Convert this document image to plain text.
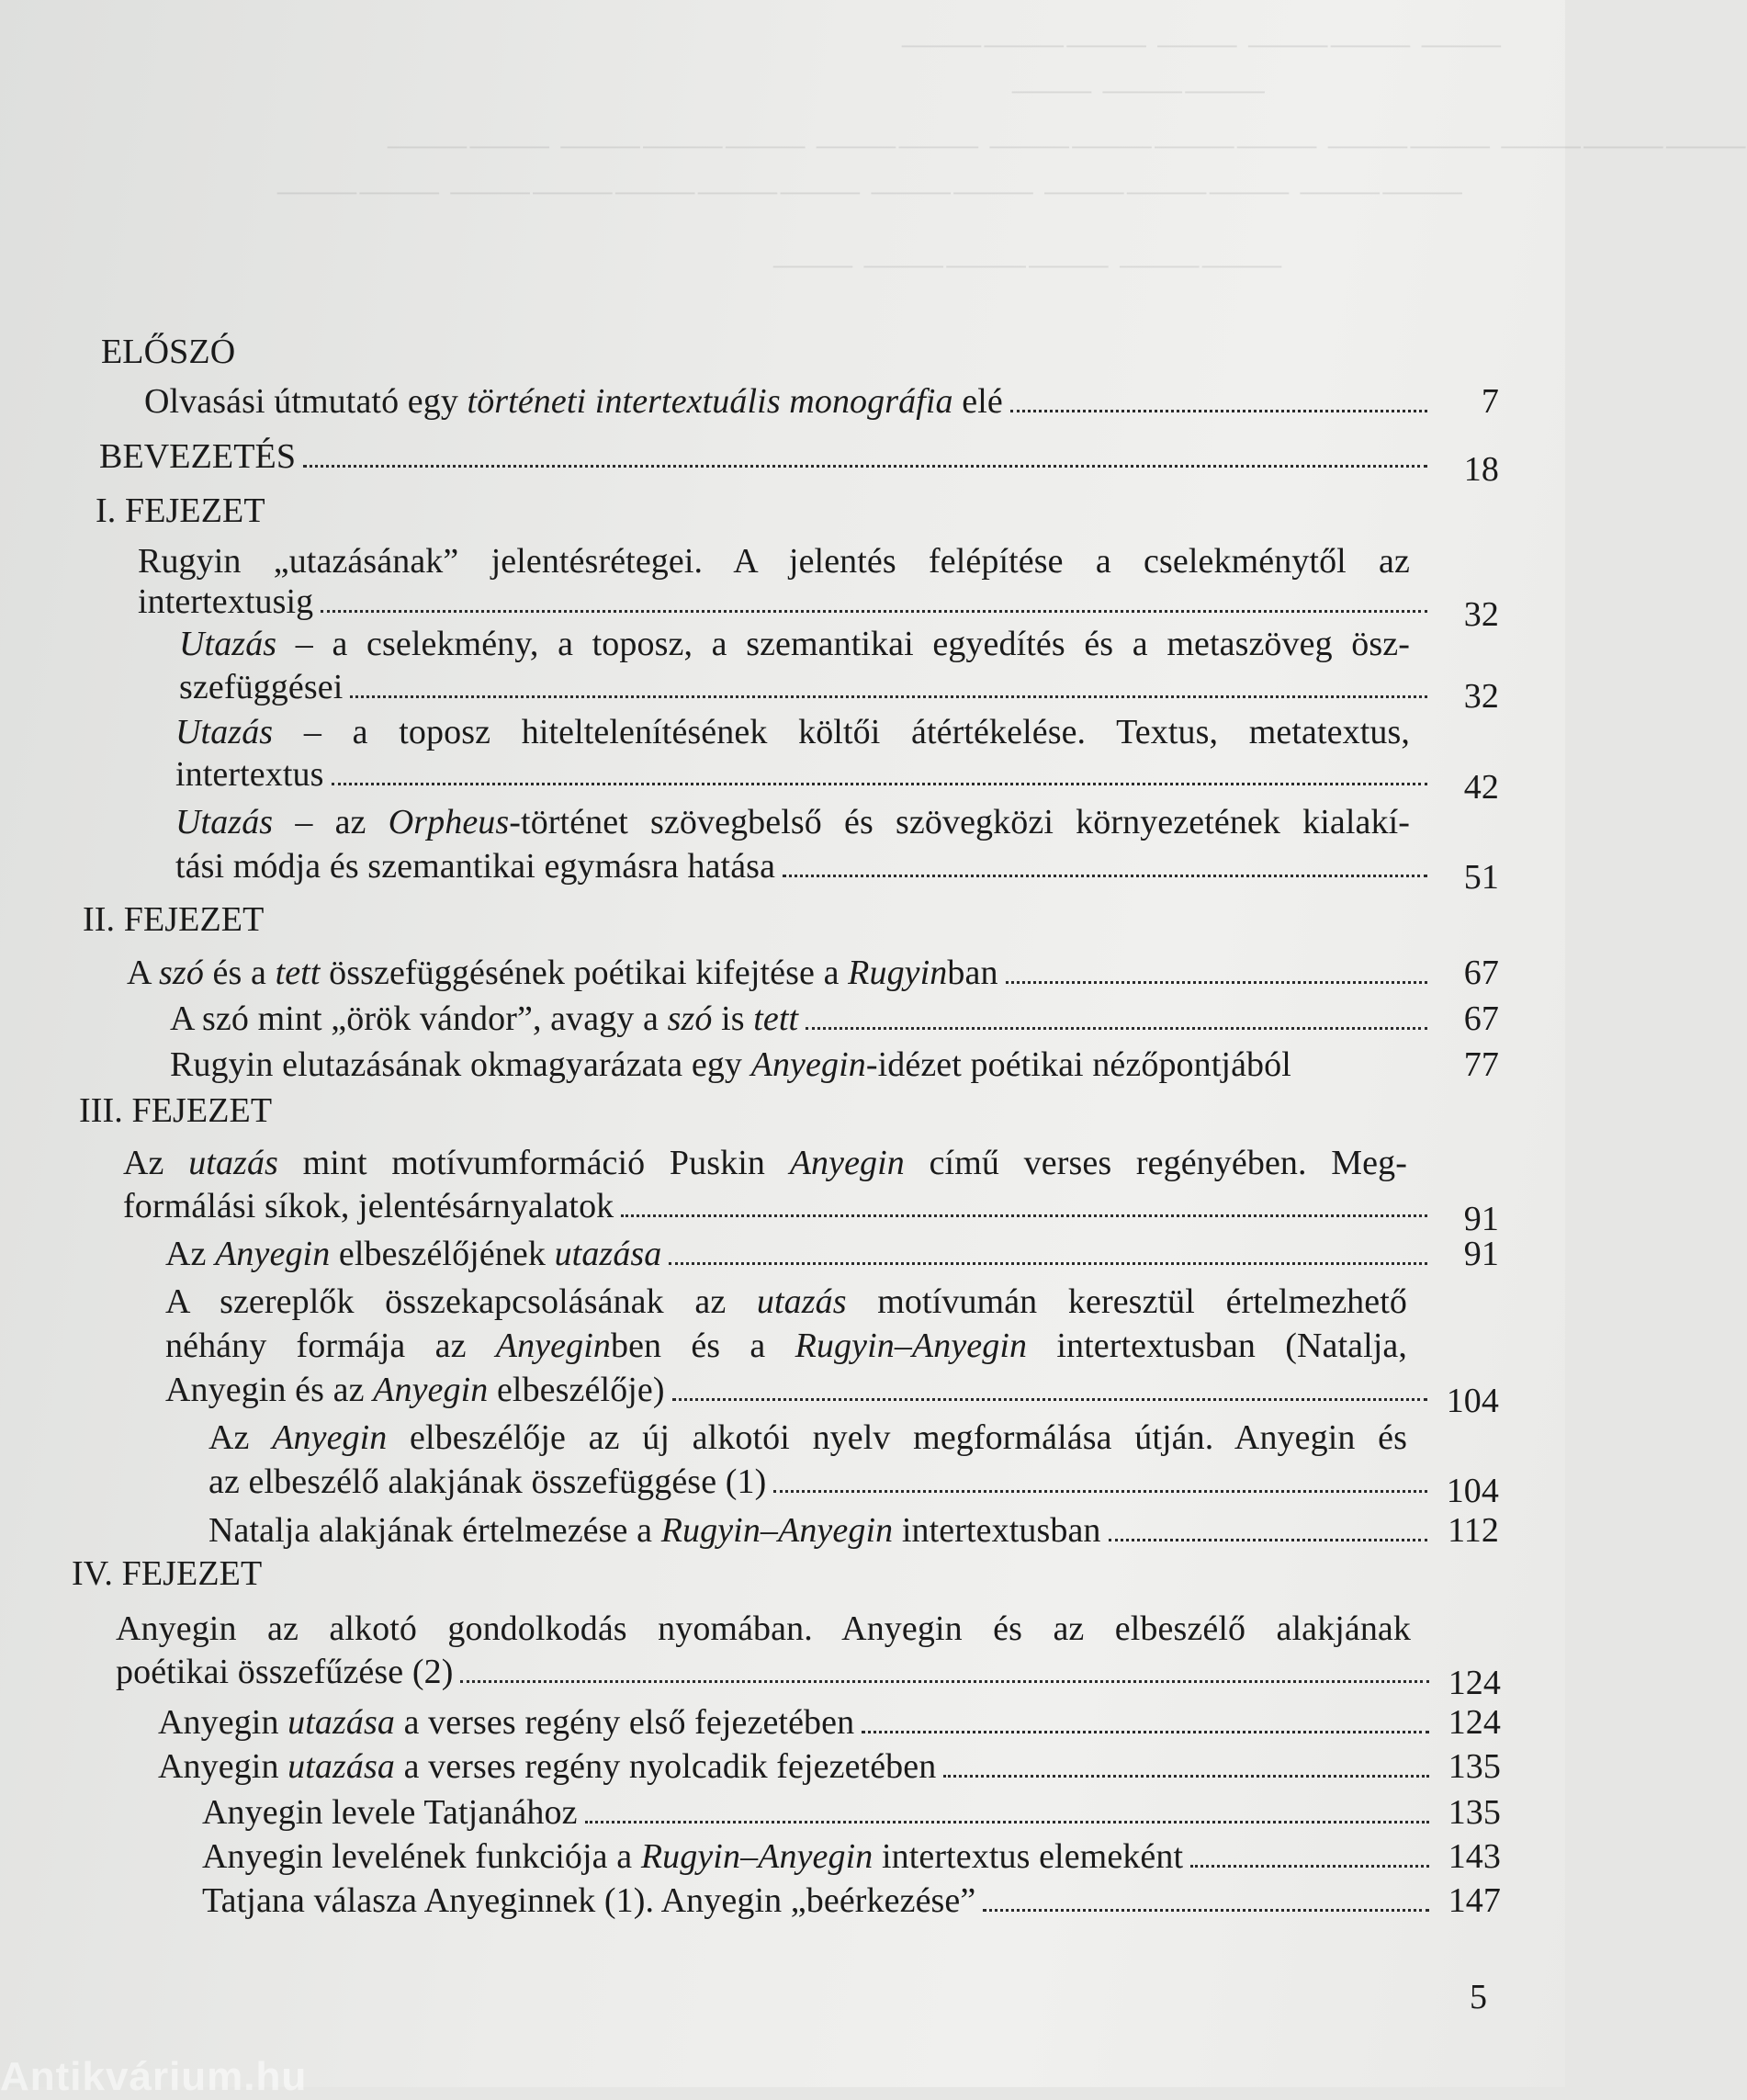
⸻ ⸻⸻ ⸻ ⸻⸻⸻
⸻⸻ ⸻
⸻⸻⸻ ⸻⸻ ⸻⸻⸻⸻ ⸻⸻ ⸻⸻⸻ ⸻⸻
⸻⸻ ⸻⸻⸻ ⸻⸻ ⸻⸻⸻⸻⸻ ⸻⸻
⸻⸻ ⸻⸻⸻ ⸻
ELŐSZÓ
Olvasási útmutató egy történeti intertextuális monográfia elé	7
BEVEZETÉS	18
I. FEJEZET
Rugyin „utazásának” jelentésrétegei. A jelentés felépítése a cselekménytől az
intertextusig	32
Utazás – a cselekmény, a toposz, a szemantikai egyedítés és a metaszöveg ösz-
szefüggései	32
Utazás – a toposz hiteltelenítésének költői átértékelése. Textus, metatextus,
intertextus	42
Utazás – az Orpheus-történet szövegbelső és szövegközi környezetének kialakí-
tási módja és szemantikai egymásra hatása	51
II. FEJEZET
A szó és a tett összefüggésének poétikai kifejtése a Rugyinban	67
A szó mint „örök vándor”, avagy a szó is tett	67
Rugyin elutazásának okmagyarázata egy Anyegin-idézet poétikai nézőpontjából	77
III. FEJEZET
Az utazás mint motívumformáció Puskin Anyegin című verses regényében. Meg-
formálási síkok, jelentésárnyalatok	91
Az Anyegin elbeszélőjének utazása	91
A szereplők összekapcsolásának az utazás motívumán keresztül értelmezhető
néhány formája az Anyeginben és a Rugyin–Anyegin intertextusban (Natalja,
Anyegin és az Anyegin elbeszélője)	104
Az Anyegin elbeszélője az új alkotói nyelv megformálása útján. Anyegin és
az elbeszélő alakjának összefüggése (1)	104
Natalja alakjának értelmezése a Rugyin–Anyegin intertextusban	112
IV. FEJEZET
Anyegin az alkotó gondolkodás nyomában. Anyegin és az elbeszélő alakjának
poétikai összefűzése (2)	124
Anyegin utazása a verses regény első fejezetében	124
Anyegin utazása a verses regény nyolcadik fejezetében	135
Anyegin levele Tatjanához	135
Anyegin levelének funkciója a Rugyin–Anyegin intertextus elemeként	143
Tatjana válasza Anyeginnek (1). Anyegin „beérkezése”	147
5
Antikvárium.hu
